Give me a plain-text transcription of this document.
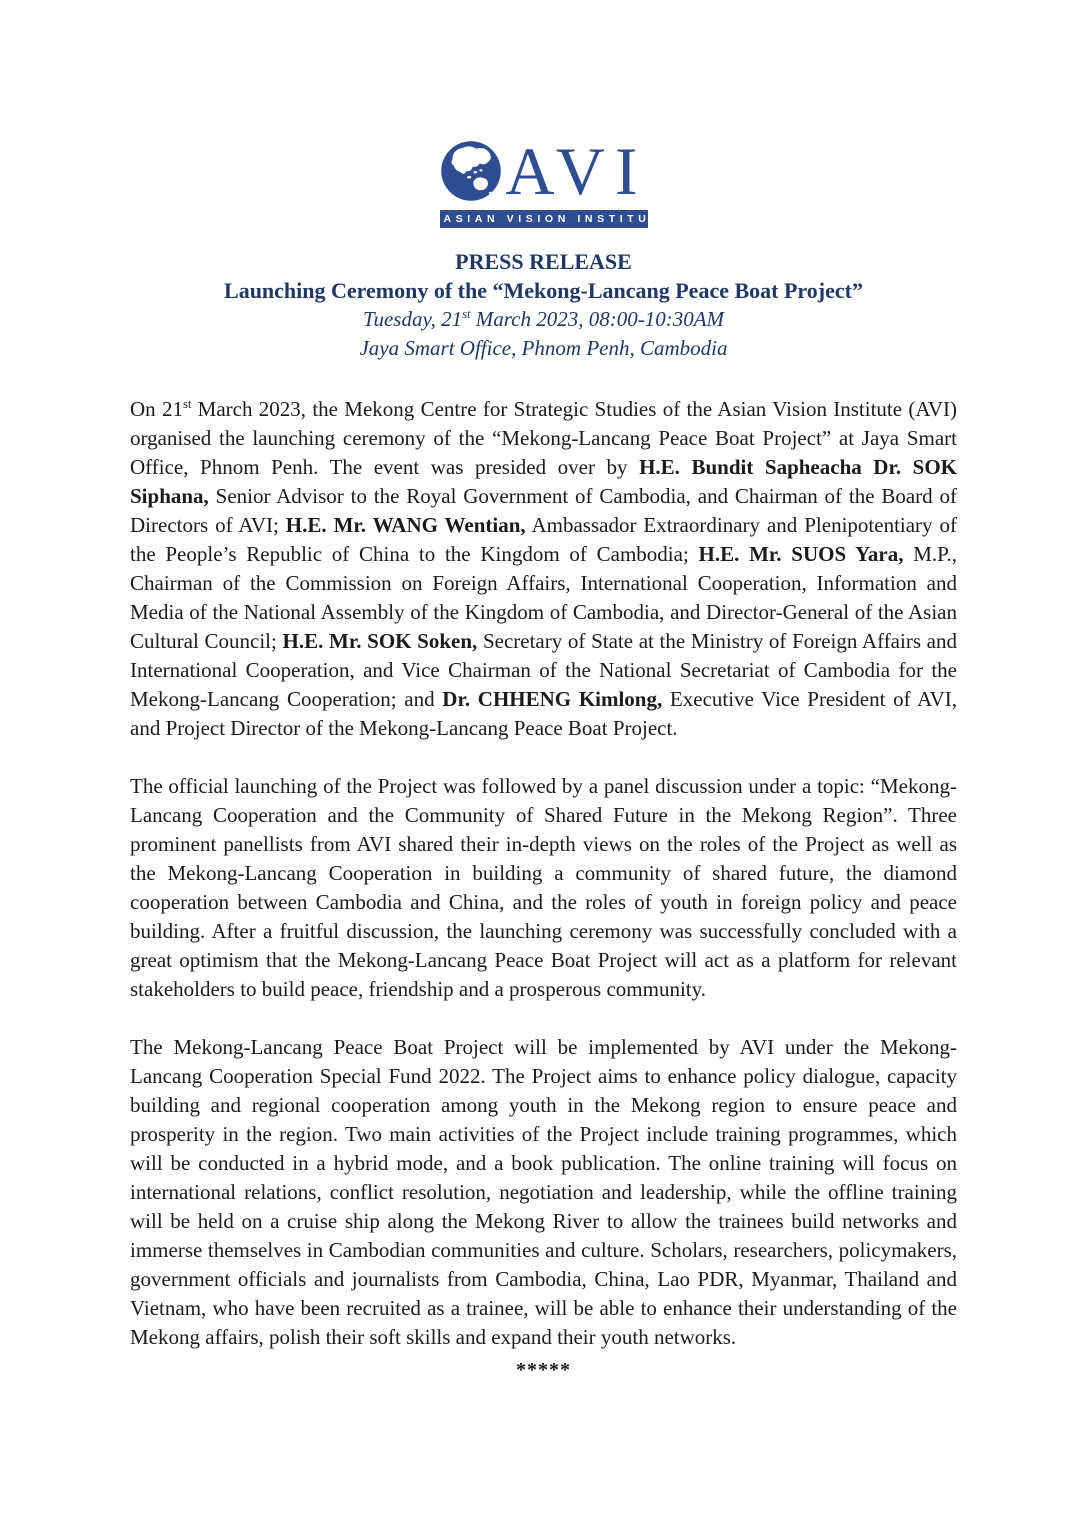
AVI
ASIAN VISION INSTITUTE
PRESS RELEASE
Launching Ceremony of the “Mekong-Lancang Peace Boat Project”
Tuesday, 21st March 2023, 08:00-10:30AM
Jaya Smart Office, Phnom Penh, Cambodia

On 21st March 2023, the Mekong Centre for Strategic Studies of the Asian Vision Institute (AVI) organised the launching ceremony of the “Mekong-Lancang Peace Boat Project” at Jaya Smart Office, Phnom Penh. The event was presided over by H.E. Bundit Sapheacha Dr. SOK Siphana, Senior Advisor to the Royal Government of Cambodia, and Chairman of the Board of Directors of AVI; H.E. Mr. WANG Wentian, Ambassador Extraordinary and Plenipotentiary of the People’s Republic of China to the Kingdom of Cambodia; H.E. Mr. SUOS Yara, M.P., Chairman of the Commission on Foreign Affairs, International Cooperation, Information and Media of the National Assembly of the Kingdom of Cambodia, and Director-General of the Asian Cultural Council; H.E. Mr. SOK Soken, Secretary of State at the Ministry of Foreign Affairs and International Cooperation, and Vice Chairman of the National Secretariat of Cambodia for the Mekong-Lancang Cooperation; and Dr. CHHENG Kimlong, Executive Vice President of AVI, and Project Director of the Mekong-Lancang Peace Boat Project.

The official launching of the Project was followed by a panel discussion under a topic: “Mekong-Lancang Cooperation and the Community of Shared Future in the Mekong Region”. Three prominent panellists from AVI shared their in-depth views on the roles of the Project as well as the Mekong-Lancang Cooperation in building a community of shared future, the diamond cooperation between Cambodia and China, and the roles of youth in foreign policy and peace building. After a fruitful discussion, the launching ceremony was successfully concluded with a great optimism that the Mekong-Lancang Peace Boat Project will act as a platform for relevant stakeholders to build peace, friendship and a prosperous community.

The Mekong-Lancang Peace Boat Project will be implemented by AVI under the Mekong-Lancang Cooperation Special Fund 2022. The Project aims to enhance policy dialogue, capacity building and regional cooperation among youth in the Mekong region to ensure peace and prosperity in the region. Two main activities of the Project include training programmes, which will be conducted in a hybrid mode, and a book publication. The online training will focus on international relations, conflict resolution, negotiation and leadership, while the offline training will be held on a cruise ship along the Mekong River to allow the trainees build networks and immerse themselves in Cambodian communities and culture. Scholars, researchers, policymakers, government officials and journalists from Cambodia, China, Lao PDR, Myanmar, Thailand and Vietnam, who have been recruited as a trainee, will be able to enhance their understanding of the Mekong affairs, polish their soft skills and expand their youth networks.

*****
